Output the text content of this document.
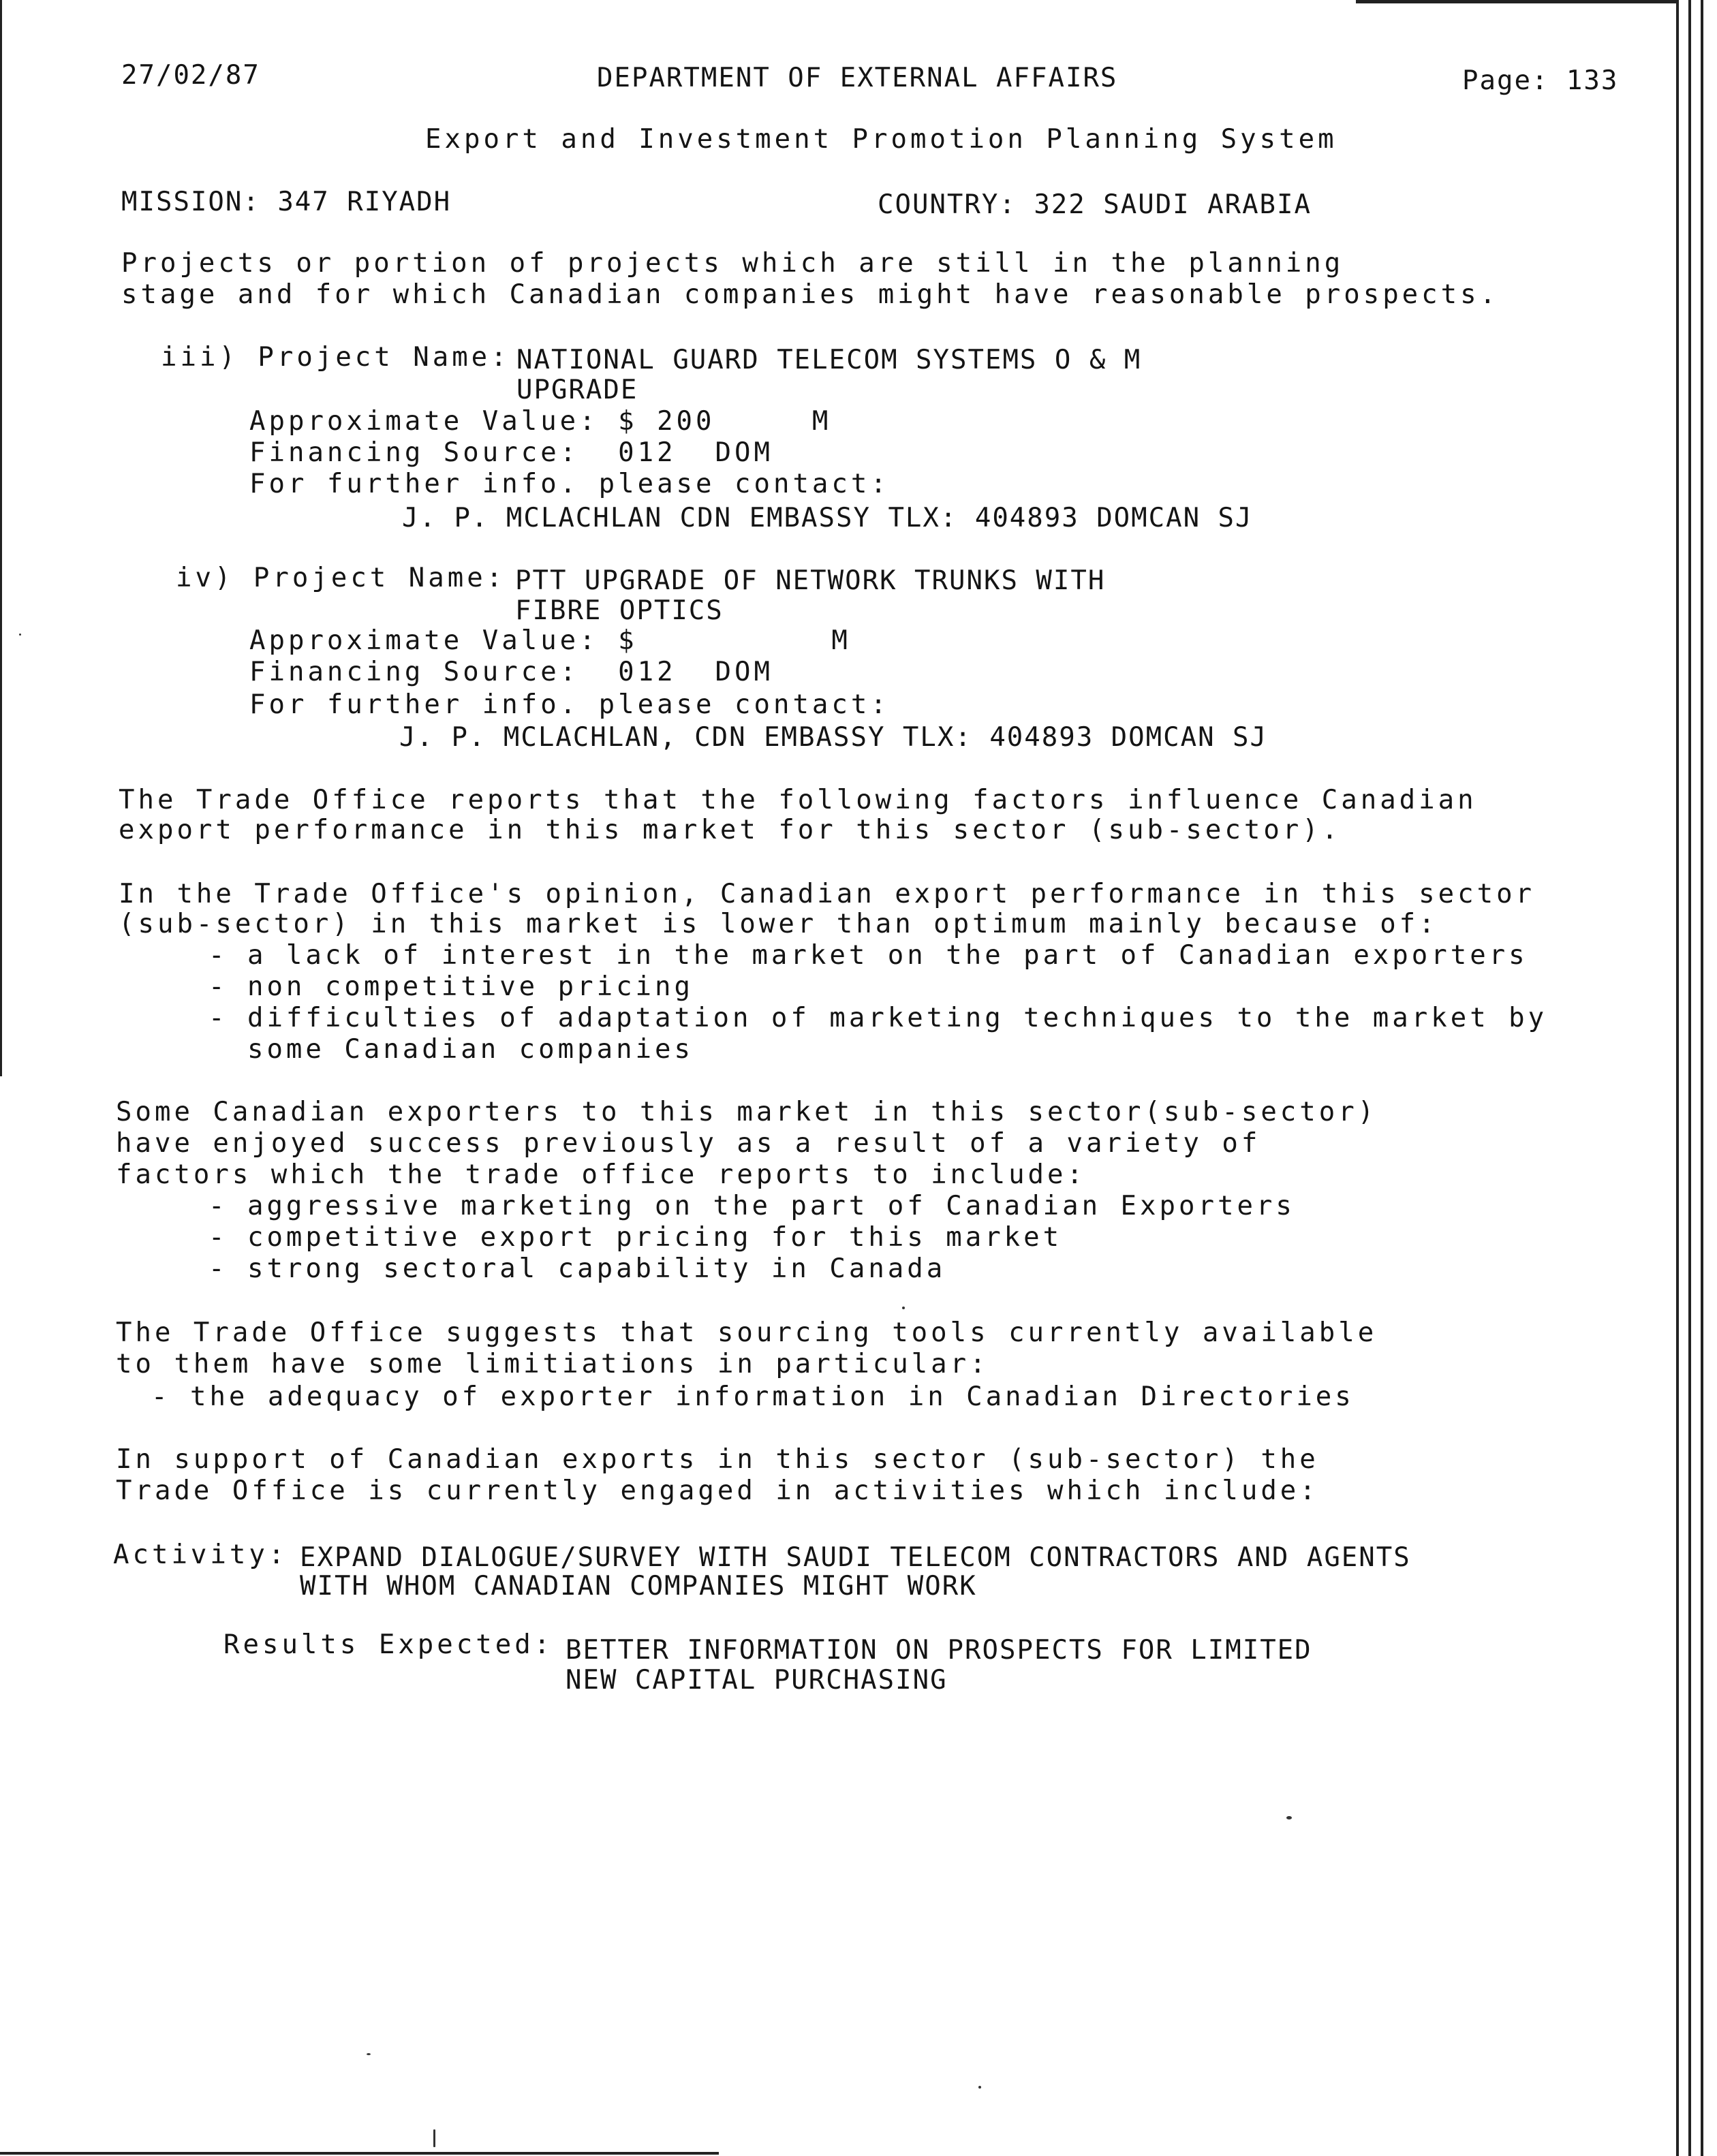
27/02/87	DEPARTMENT OF EXTERNAL AFFAIRS	Page: 133
Export and Investment Promotion Planning System
MISSION: 347 RIYADH	COUNTRY: 322 SAUDI ARABIA
Projects or portion of projects which are still in the planning
stage and for which Canadian companies might have reasonable prospects.
iii) Project Name: NATIONAL GUARD TELECOM SYSTEMS O & M
UPGRADE
Approximate Value: $ 200     M
Financing Source:  012  DOM
For further info. please contact:
J. P. MCLACHLAN CDN EMBASSY TLX: 404893 DOMCAN SJ
iv) Project Name: PTT UPGRADE OF NETWORK TRUNKS WITH
FIBRE OPTICS
Approximate Value: $          M
Financing Source:  012  DOM
For further info. please contact:
J. P. MCLACHLAN, CDN EMBASSY TLX: 404893 DOMCAN SJ
The Trade Office reports that the following factors influence Canadian
export performance in this market for this sector (sub-sector).
In the Trade Office's opinion, Canadian export performance in this sector
(sub-sector) in this market is lower than optimum mainly because of:
- a lack of interest in the market on the part of Canadian exporters
- non competitive pricing
- difficulties of adaptation of marketing techniques to the market by
some Canadian companies
Some Canadian exporters to this market in this sector(sub-sector)
have enjoyed success previously as a result of a variety of
factors which the trade office reports to include:
- aggressive marketing on the part of Canadian Exporters
- competitive export pricing for this market
- strong sectoral capability in Canada
The Trade Office suggests that sourcing tools currently available
to them have some limitiations in particular:
- the adequacy of exporter information in Canadian Directories
In support of Canadian exports in this sector (sub-sector) the
Trade Office is currently engaged in activities which include:
Activity: EXPAND DIALOGUE/SURVEY WITH SAUDI TELECOM CONTRACTORS AND AGENTS
WITH WHOM CANADIAN COMPANIES MIGHT WORK
Results Expected: BETTER INFORMATION ON PROSPECTS FOR LIMITED
NEW CAPITAL PURCHASING
